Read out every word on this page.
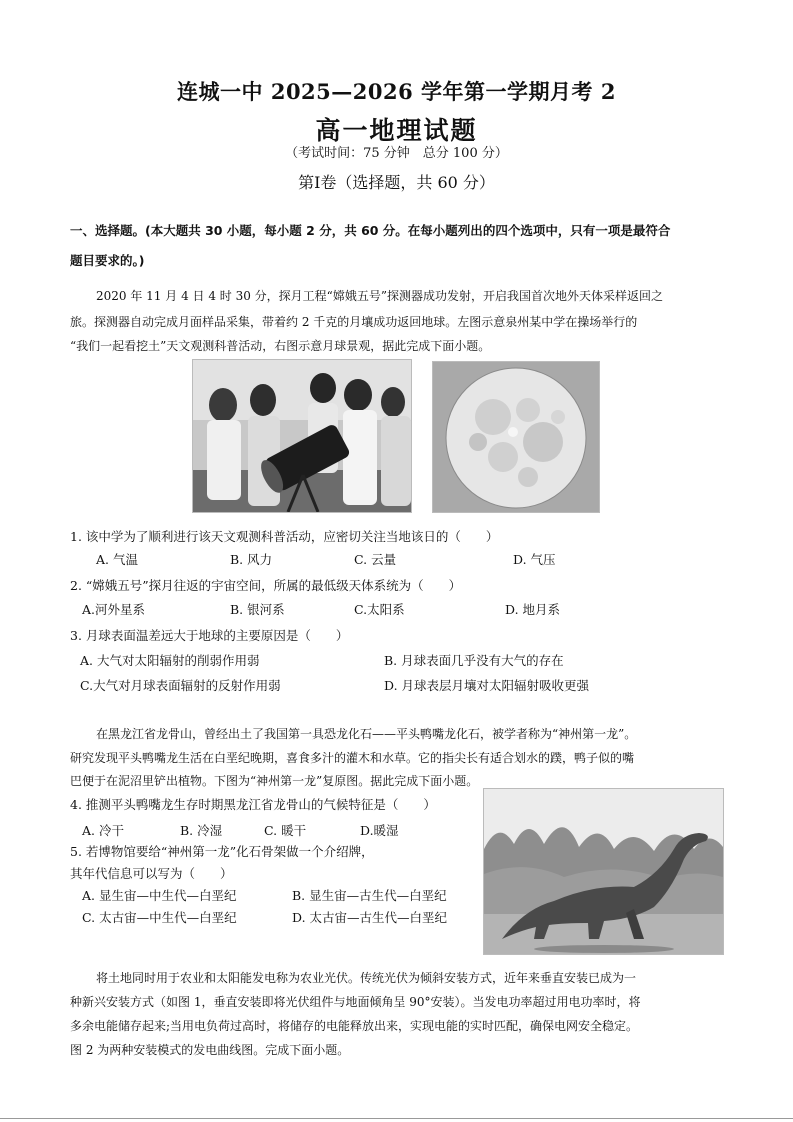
连城一中 2025—2026 学年第一学期月考 2
高一地理试题
（考试时间：75 分钟　总分 100 分）
第Ⅰ卷（选择题，共 60 分）
一、选择题。(本大题共 30 小题，每小题 2 分，共 60 分。在每小题列出的四个选项中，只有一项是最符合
题目要求的。)
2020 年 11 月 4 日 4 时 30 分，探月工程“嫦娥五号”探测器成功发射，开启我国首次地外天体采样返回之
旅。探测器自动完成月面样品采集，带着约 2 千克的月壤成功返回地球。左图示意泉州某中学在操场举行的
“我们一起看挖土”天文观测科普活动，右图示意月球景观，据此完成下面小题。
1. 该中学为了顺利进行该天文观测科普活动，应密切关注当地该日的（　　）
A. 气温	B. 风力	C. 云量	D. 气压
2. “嫦娥五号”探月往返的宇宙空间，所属的最低级天体系统为（　　）
A.河外星系	B. 银河系	C.太阳系	D. 地月系
3. 月球表面温差远大于地球的主要原因是（　　）
A. 大气对太阳辐射的削弱作用弱	B. 月球表面几乎没有大气的存在
C.大气对月球表面辐射的反射作用弱	D. 月球表层月壤对太阳辐射吸收更强
在黑龙江省龙骨山，曾经出土了我国第一具恐龙化石——平头鸭嘴龙化石，被学者称为“神州第一龙”。
研究发现平头鸭嘴龙生活在白垩纪晚期，喜食多汁的灌木和水草。它的指尖长有适合划水的蹼，鸭子似的嘴
巴便于在泥沼里铲出植物。下图为“神州第一龙”复原图。据此完成下面小题。
4. 推测平头鸭嘴龙生存时期黑龙江省龙骨山的气候特征是（　　）
A. 冷干	B. 冷湿	C. 暖干	D.暖湿
5. 若博物馆要给“神州第一龙”化石骨架做一个介绍牌，
其年代信息可以写为（　　）
A. 显生宙—中生代—白垩纪	B. 显生宙—古生代—白垩纪
C. 太古宙—中生代—白垩纪	D. 太古宙—古生代—白垩纪
将土地同时用于农业和太阳能发电称为农业光伏。传统光伏为倾斜安装方式，近年来垂直安装已成为一
种新兴安装方式（如图 1，垂直安装即将光伏组件与地面倾角呈 90°安装）。当发电功率超过用电功率时，将
多余电能储存起来;当用电负荷过高时，将储存的电能释放出来，实现电能的实时匹配，确保电网安全稳定。
图 2 为两种安装模式的发电曲线图。完成下面小题。
